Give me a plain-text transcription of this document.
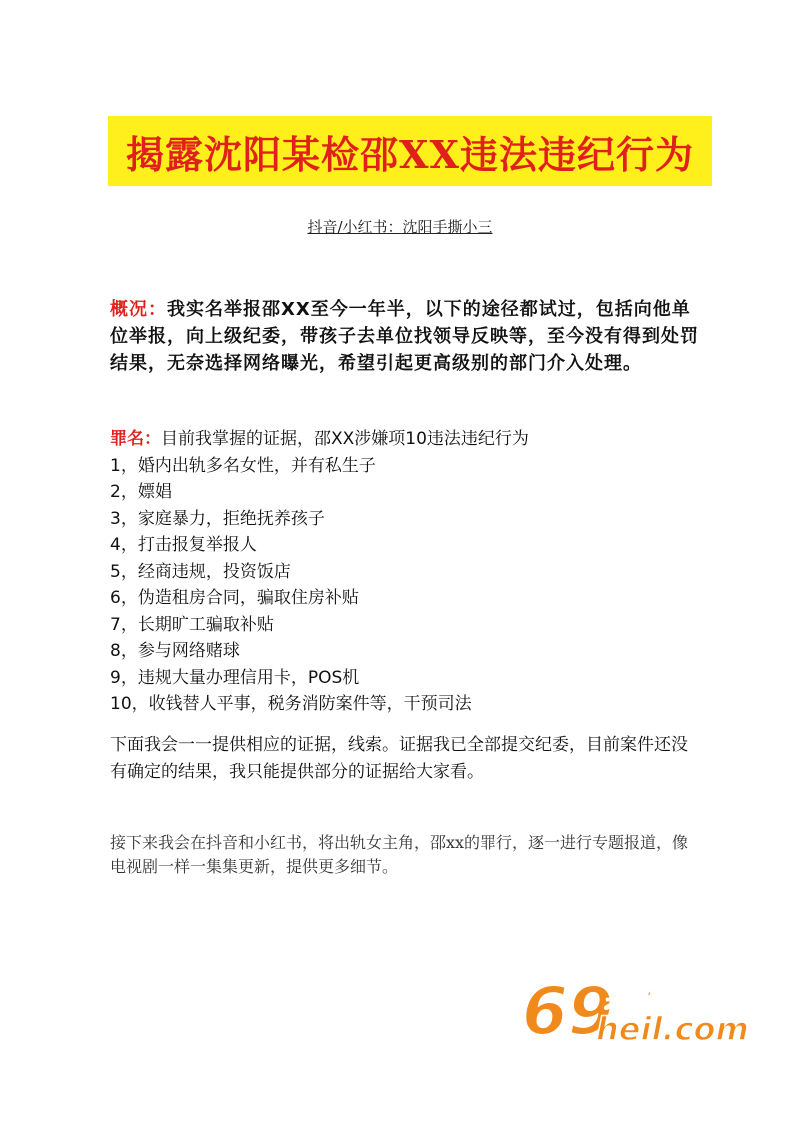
揭露沈阳某检邵XX违法违纪行为
抖音/小红书：沈阳手撕小三
概况：我实名举报邵XX至今一年半，以下的途径都试过，包括向他单位举报，向上级纪委，带孩子去单位找领导反映等，至今没有得到处罚结果，无奈选择网络曝光，希望引起更高级别的部门介入处理。
罪名：目前我掌握的证据，邵XX涉嫌项10违法违纪行为
1，婚内出轨多名女性，并有私生子
2，嫖娼
3，家庭暴力，拒绝抚养孩子
4，打击报复举报人
5，经商违规，投资饭店
6，伪造租房合同，骗取住房补贴
7，长期旷工骗取补贴
8，参与网络赌球
9，违规大量办理信用卡，POS机
10，收钱替人平事，税务消防案件等，干预司法
下面我会一一提供相应的证据，线索。证据我已全部提交纪委，目前案件还没有确定的结果，我只能提供部分的证据给大家看。
接下来我会在抖音和小红书，将出轨女主角，邵xx的罪行，逐一进行专题报道，像电视剧一样一集集更新，提供更多细节。
69
黑料网
heil.com
